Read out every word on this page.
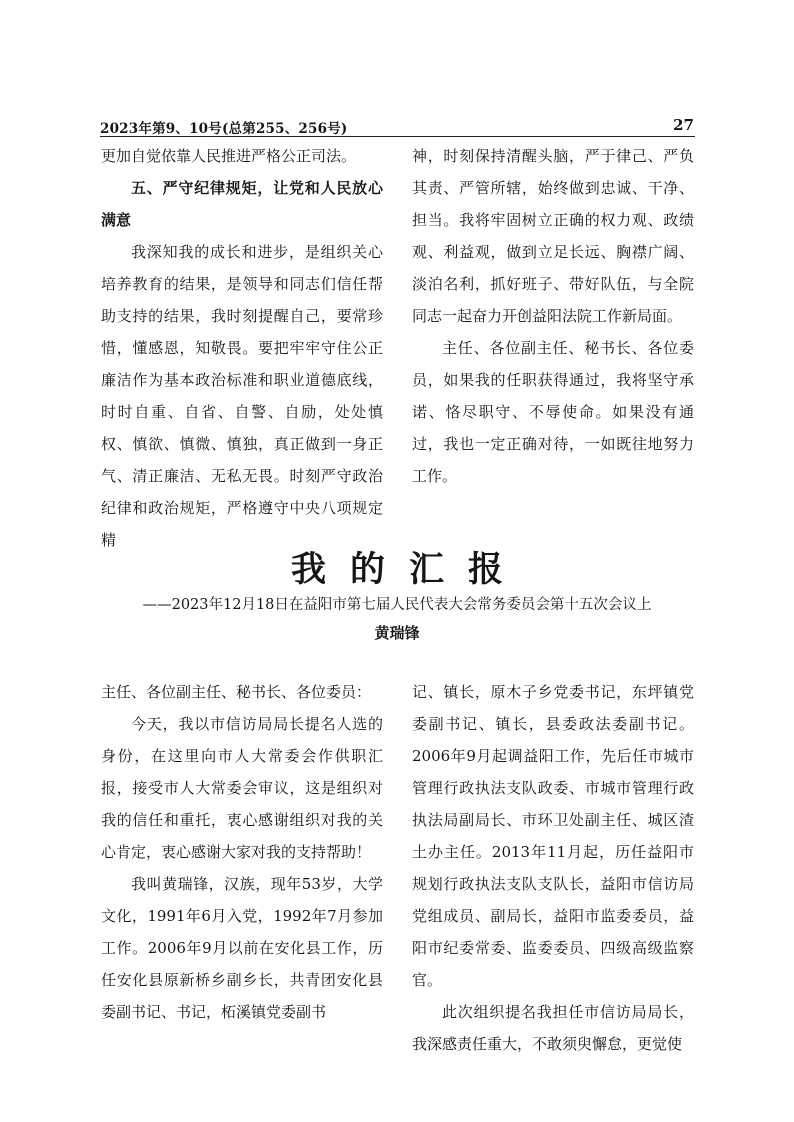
2023年第9、10号(总第255、256号)	27

更加自觉依靠人民推进严格公正司法。

五、严守纪律规矩，让党和人民放心满意

我深知我的成长和进步，是组织关心培养教育的结果，是领导和同志们信任帮助支持的结果，我时刻提醒自己，要常珍惜，懂感恩，知敬畏。要把牢牢守住公正廉洁作为基本政治标准和职业道德底线，时时自重、自省、自警、自励，处处慎权、慎欲、慎微、慎独，真正做到一身正气、清正廉洁、无私无畏。时刻严守政治纪律和政治规矩，严格遵守中央八项规定精

神，时刻保持清醒头脑，严于律己、严负其责、严管所辖，始终做到忠诚、干净、担当。我将牢固树立正确的权力观、政绩观、利益观，做到立足长远、胸襟广阔、淡泊名利，抓好班子、带好队伍，与全院同志一起奋力开创益阳法院工作新局面。

主任、各位副主任、秘书长、各位委员，如果我的任职获得通过，我将坚守承诺、恪尽职守、不辱使命。如果没有通过，我也一定正确对待，一如既往地努力工作。

我的汇报
——2023年12月18日在益阳市第七届人民代表大会常务委员会第十五次会议上
黄瑞锋

主任、各位副主任、秘书长、各位委员：

今天，我以市信访局局长提名人选的身份，在这里向市人大常委会作供职汇报，接受市人大常委会审议，这是组织对我的信任和重托，衷心感谢组织对我的关心肯定，衷心感谢大家对我的支持帮助！

我叫黄瑞锋，汉族，现年53岁，大学文化，1991年6月入党，1992年7月参加工作。2006年9月以前在安化县工作，历任安化县原新桥乡副乡长，共青团安化县委副书记、书记，柘溪镇党委副书

记、镇长，原木子乡党委书记，东坪镇党委副书记、镇长，县委政法委副书记。2006年9月起调益阳工作，先后任市城市管理行政执法支队政委、市城市管理行政执法局副局长、市环卫处副主任、城区渣土办主任。2013年11月起，历任益阳市规划行政执法支队支队长，益阳市信访局党组成员、副局长，益阳市监委委员，益阳市纪委常委、监委委员、四级高级监察官。

此次组织提名我担任市信访局局长，我深感责任重大，不敢须臾懈怠，更觉使
